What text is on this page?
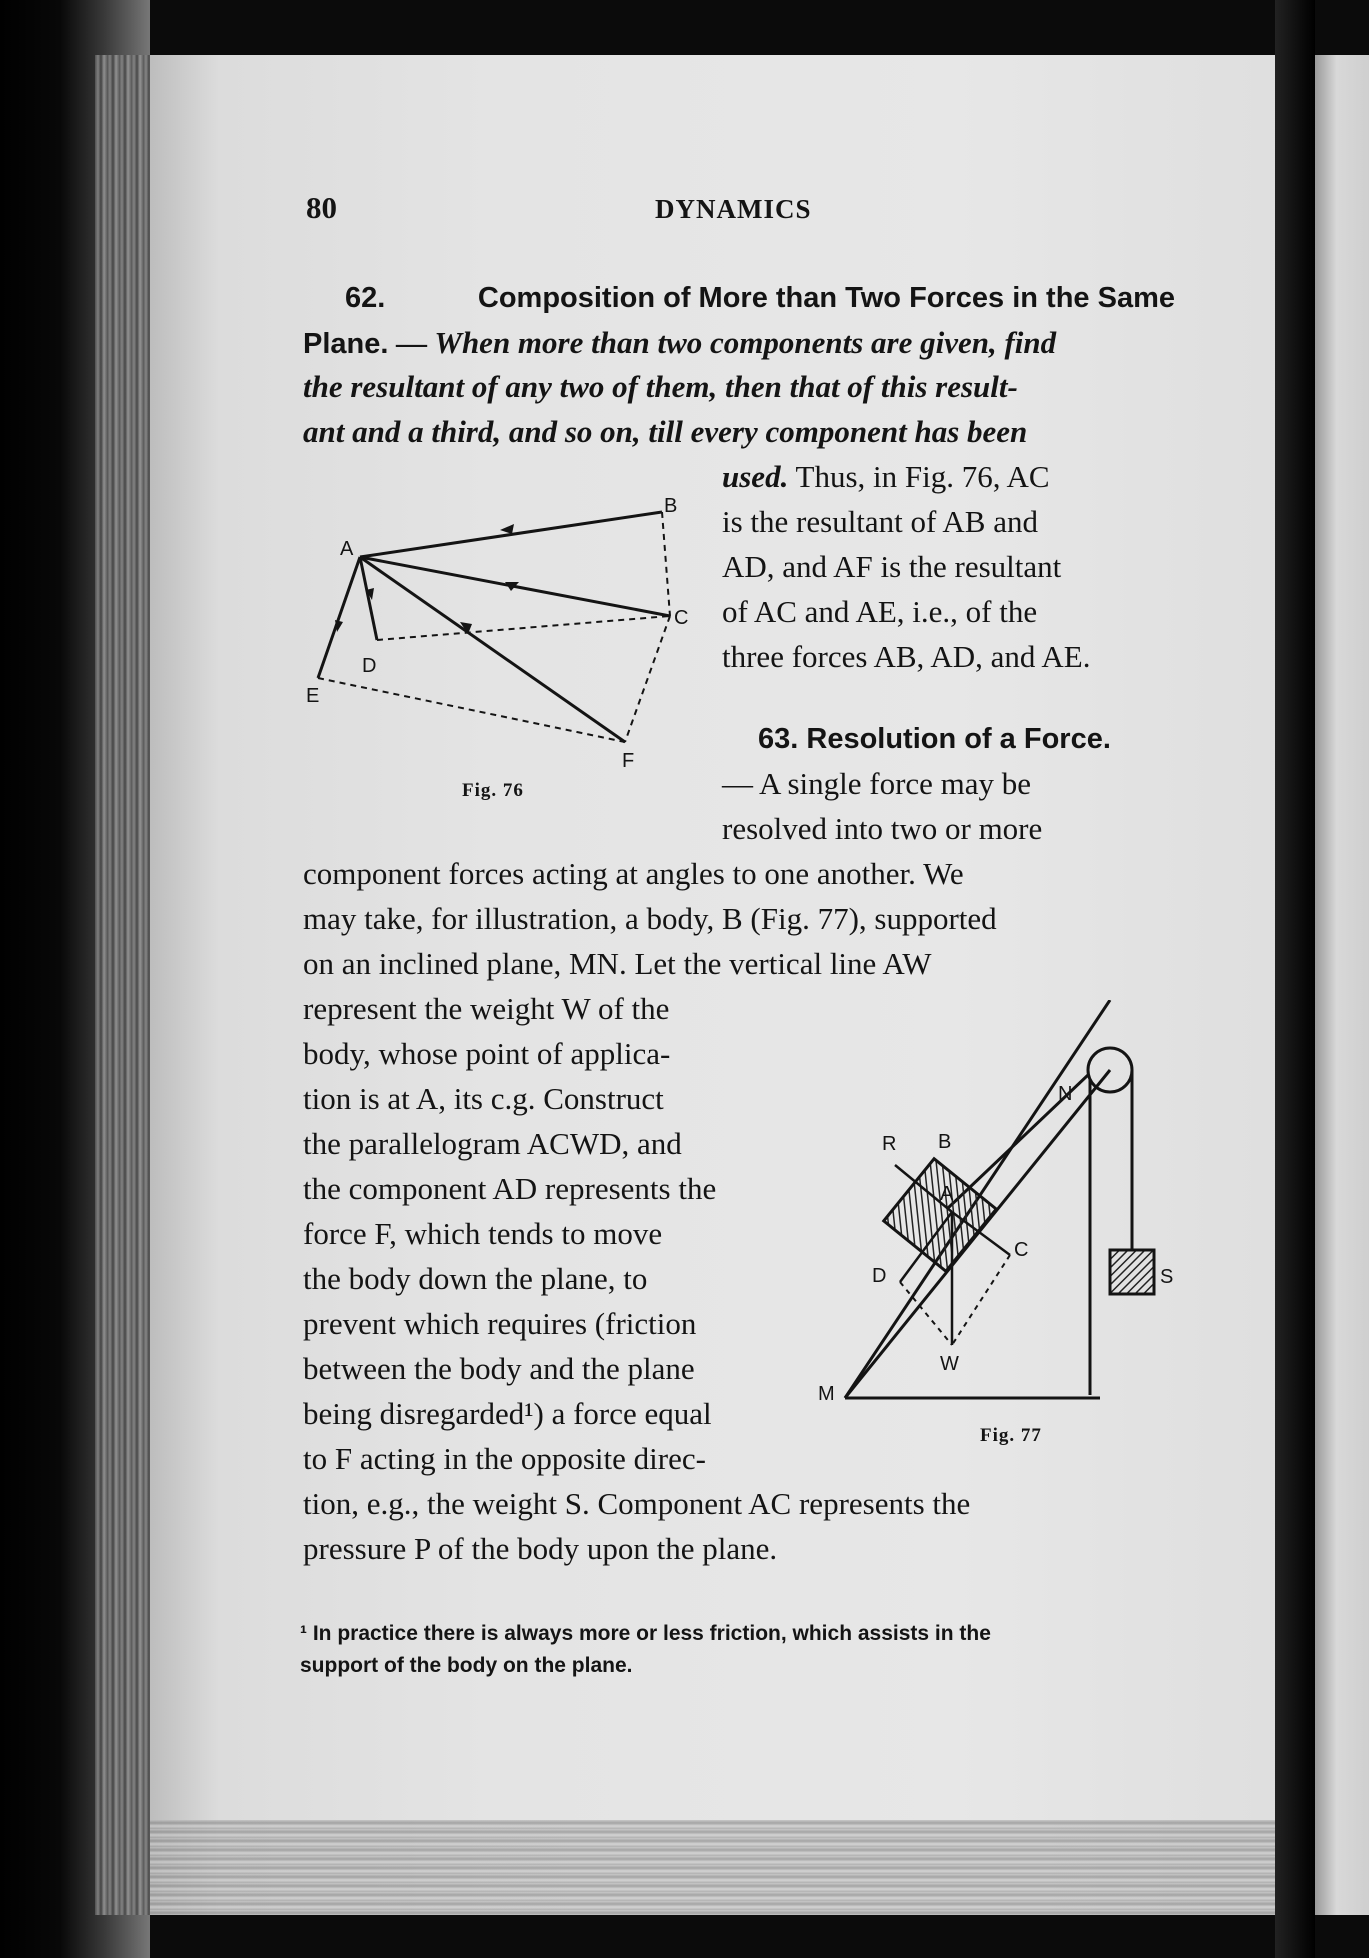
80	DYNAMICS
62.	Composition of More than Two Forces in the Same
Plane. — When more than two components are given, find
the resultant of any two of them, then that of this result-
ant and a third, and so on, till every component has been
used. Thus, in Fig. 76, AC
is the resultant of AB and
AD, and AF is the resultant
of AC and AE, i.e., of the
three forces AB, AD, and AE.
A
B
C
D
E
F
Fig. 76
63. Resolution of a Force.
— A single force may be
resolved into two or more
component forces acting at angles to one another. We
may take, for illustration, a body, B (Fig. 77), supported
on an inclined plane, MN. Let the vertical line AW
represent the weight W of the
body, whose point of applica-
tion is at A, its c.g. Construct
the parallelogram ACWD, and
the component AD represents the
force F, which tends to move
the body down the plane, to
prevent which requires (friction
between the body and the plane
being disregarded¹) a force equal
to F acting in the opposite direc-
tion, e.g., the weight S. Component AC represents the
pressure P of the body upon the plane.
N
R B
A
C
D
W
S
M
Fig. 77
¹ In practice there is always more or less friction, which assists in the
support of the body on the plane.
